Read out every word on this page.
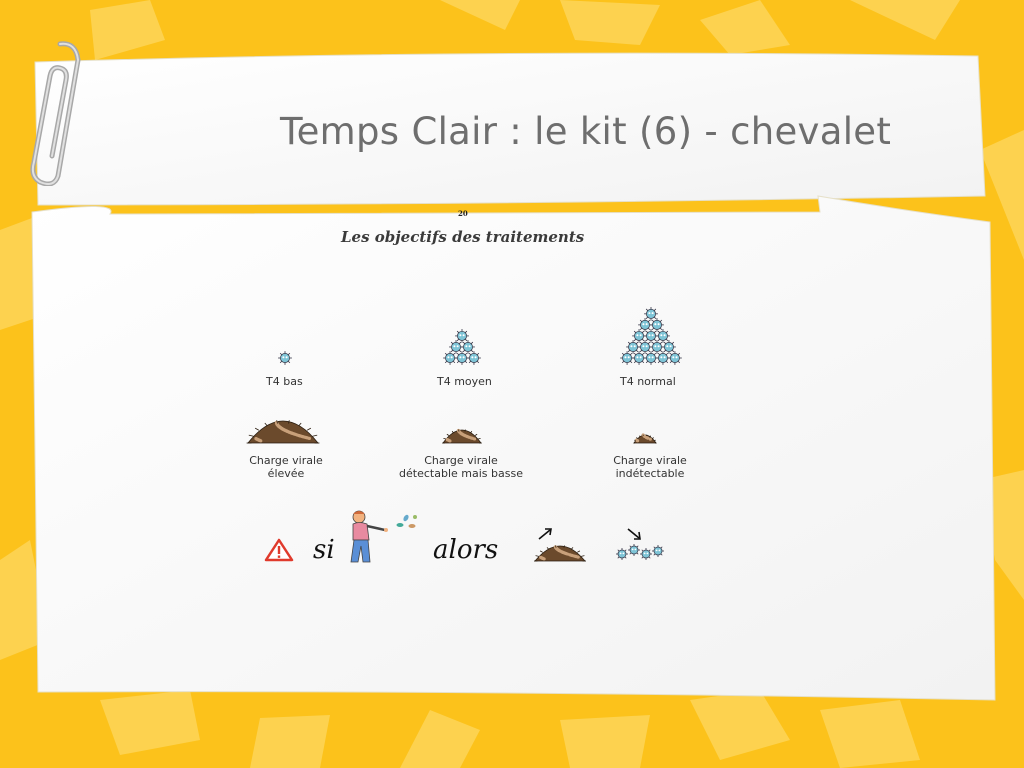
Temps Clair : le kit (6) - chevalet
20
Les objectifs des traitements
T4 bas	T4 moyen	T4 normal
Charge virale
élevée
Charge virale
détectable mais basse
Charge virale
indétectable
si	alors
